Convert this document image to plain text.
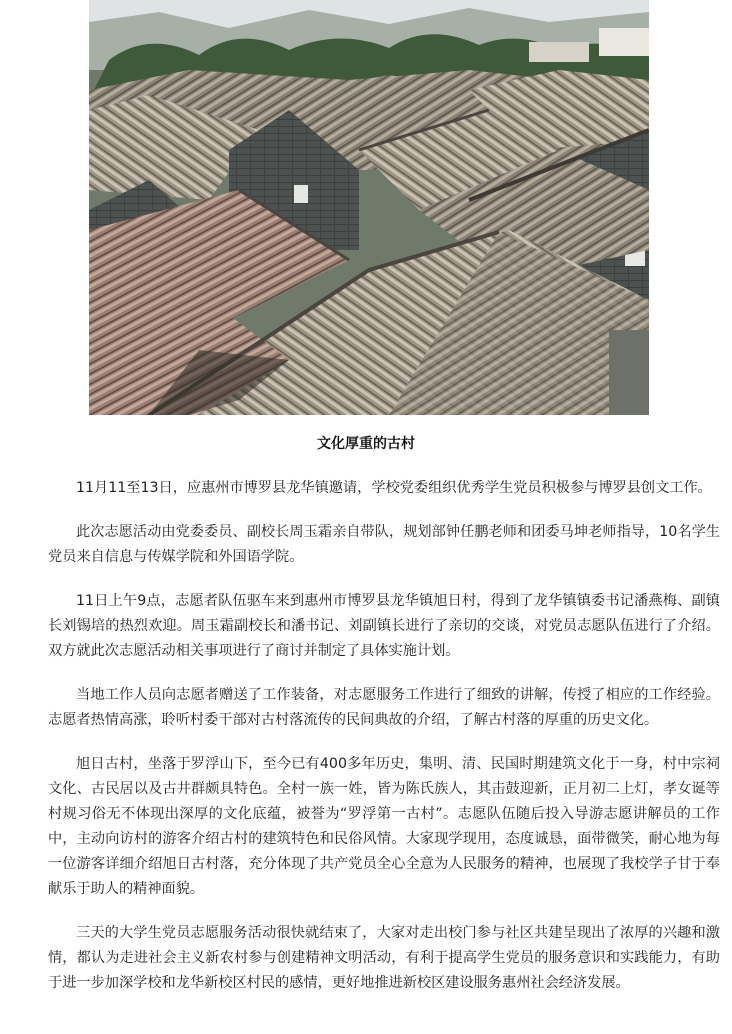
文化厚重的古村

11月11至13日，应惠州市博罗县龙华镇邀请，学校党委组织优秀学生党员积极参与博罗县创文工作。

此次志愿活动由党委委员、副校长周玉霜亲自带队，规划部钟任鹏老师和团委马坤老师指导，10名学生党员来自信息与传媒学院和外国语学院。

11日上午9点，志愿者队伍驱车来到惠州市博罗县龙华镇旭日村，得到了龙华镇镇委书记潘燕梅、副镇长刘锡培的热烈欢迎。周玉霜副校长和潘书记、刘副镇长进行了亲切的交谈，对党员志愿队伍进行了介绍。双方就此次志愿活动相关事项进行了商讨并制定了具体实施计划。

当地工作人员向志愿者赠送了工作装备，对志愿服务工作进行了细致的讲解，传授了相应的工作经验。志愿者热情高涨，聆听村委干部对古村落流传的民间典故的介绍，了解古村落的厚重的历史文化。

旭日古村，坐落于罗浮山下，至今已有400多年历史，集明、清、民国时期建筑文化于一身，村中宗祠文化、古民居以及古井群颇具特色。全村一族一姓，皆为陈氏族人，其击鼓迎新，正月初二上灯，孝女诞等村规习俗无不体现出深厚的文化底蕴，被誉为“罗浮第一古村”。志愿队伍随后投入导游志愿讲解员的工作中，主动向访村的游客介绍古村的建筑特色和民俗风情。大家现学现用，态度诚恳，面带微笑，耐心地为每一位游客详细介绍旭日古村落，充分体现了共产党员全心全意为人民服务的精神，也展现了我校学子甘于奉献乐于助人的精神面貌。

三天的大学生党员志愿服务活动很快就结束了，大家对走出校门参与社区共建呈现出了浓厚的兴趣和激情，都认为走进社会主义新农村参与创建精神文明活动，有利于提高学生党员的服务意识和实践能力，有助于进一步加深学校和龙华新校区村民的感情，更好地推进新校区建设服务惠州社会经济发展。
